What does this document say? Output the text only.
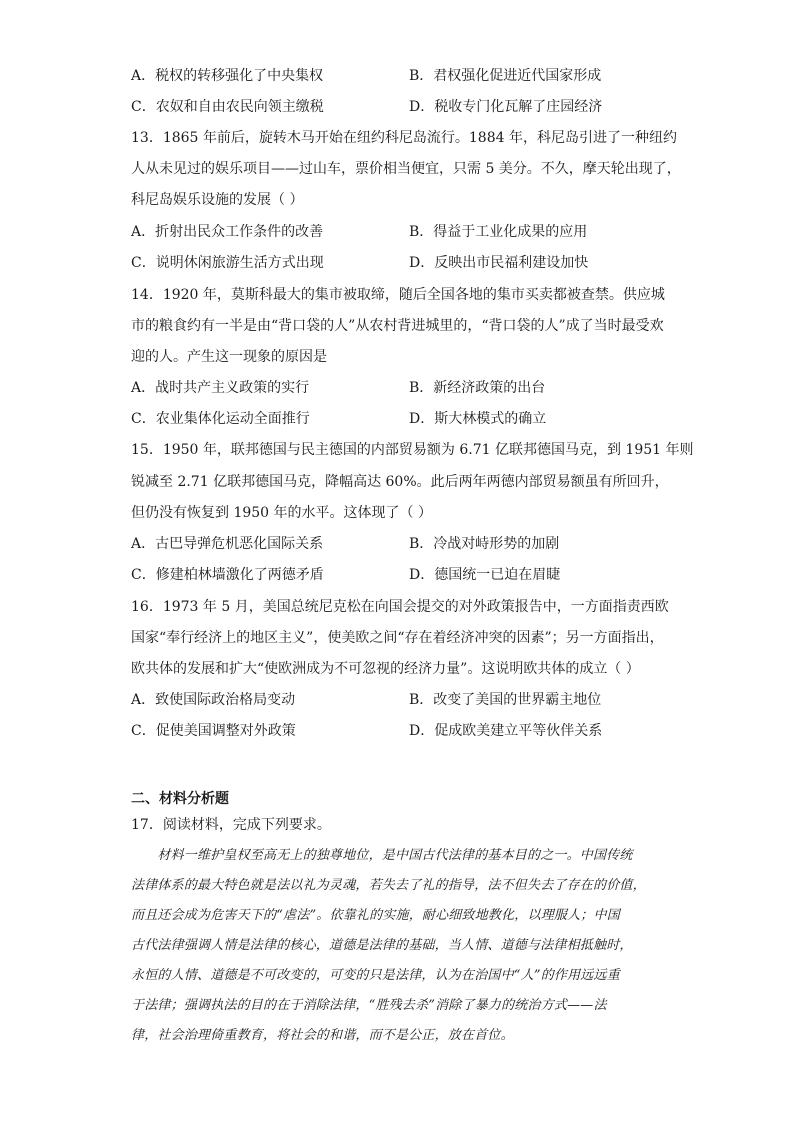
A．税权的转移强化了中央集权	B．君权强化促进近代国家形成
C．农奴和自由农民向领主缴税	D．税收专门化瓦解了庄园经济
13．1865 年前后，旋转木马开始在纽约科尼岛流行。1884 年，科尼岛引进了一种纽约
人从未见过的娱乐项目——过山车，票价相当便宜，只需 5 美分。不久，摩天轮出现了，
科尼岛娱乐设施的发展（ ）
A．折射出民众工作条件的改善	B．得益于工业化成果的应用
C．说明休闲旅游生活方式出现	D．反映出市民福利建设加快
14．1920 年，莫斯科最大的集市被取缔，随后全国各地的集市买卖都被查禁。供应城
市的粮食约有一半是由“背口袋的人”从农村背进城里的，“背口袋的人”成了当时最受欢
迎的人。产生这一现象的原因是
A．战时共产主义政策的实行	B．新经济政策的出台
C．农业集体化运动全面推行	D．斯大林模式的确立
15．1950 年，联邦德国与民主德国的内部贸易额为 6.71 亿联邦德国马克，到 1951 年则
锐减至 2.71 亿联邦德国马克，降幅高达 60%。此后两年两德内部贸易额虽有所回升，
但仍没有恢复到 1950 年的水平。这体现了（ ）
A．古巴导弹危机恶化国际关系	B．冷战对峙形势的加剧
C．修建柏林墙激化了两德矛盾	D．德国统一已迫在眉睫
16．1973 年 5 月，美国总统尼克松在向国会提交的对外政策报告中，一方面指责西欧
国家“奉行经济上的地区主义”，使美欧之间“存在着经济冲突的因素”；另一方面指出，
欧共体的发展和扩大“使欧洲成为不可忽视的经济力量”。这说明欧共体的成立（ ）
A．致使国际政治格局变动	B．改变了美国的世界霸主地位
C．促使美国调整对外政策	D．促成欧美建立平等伙伴关系
二、材料分析题
17．阅读材料，完成下列要求。
　　材料一维护皇权至高无上的独尊地位，是中国古代法律的基本目的之一。中国传统
法律体系的最大特色就是法以礼为灵魂，若失去了礼的指导，法不但失去了存在的价值，
而且还会成为危害天下的“虐法”。依靠礼的实施，耐心细致地教化，以理服人；中国
古代法律强调人情是法律的核心，道德是法律的基础，当人情、道德与法律相抵触时，
永恒的人情、道德是不可改变的，可变的只是法律，认为在治国中“人”的作用远远重
于法律；强调执法的目的在于消除法律，“胜残去杀”消除了暴力的统治方式——法
律，社会治理倚重教育，将社会的和谐，而不是公正，放在首位。
